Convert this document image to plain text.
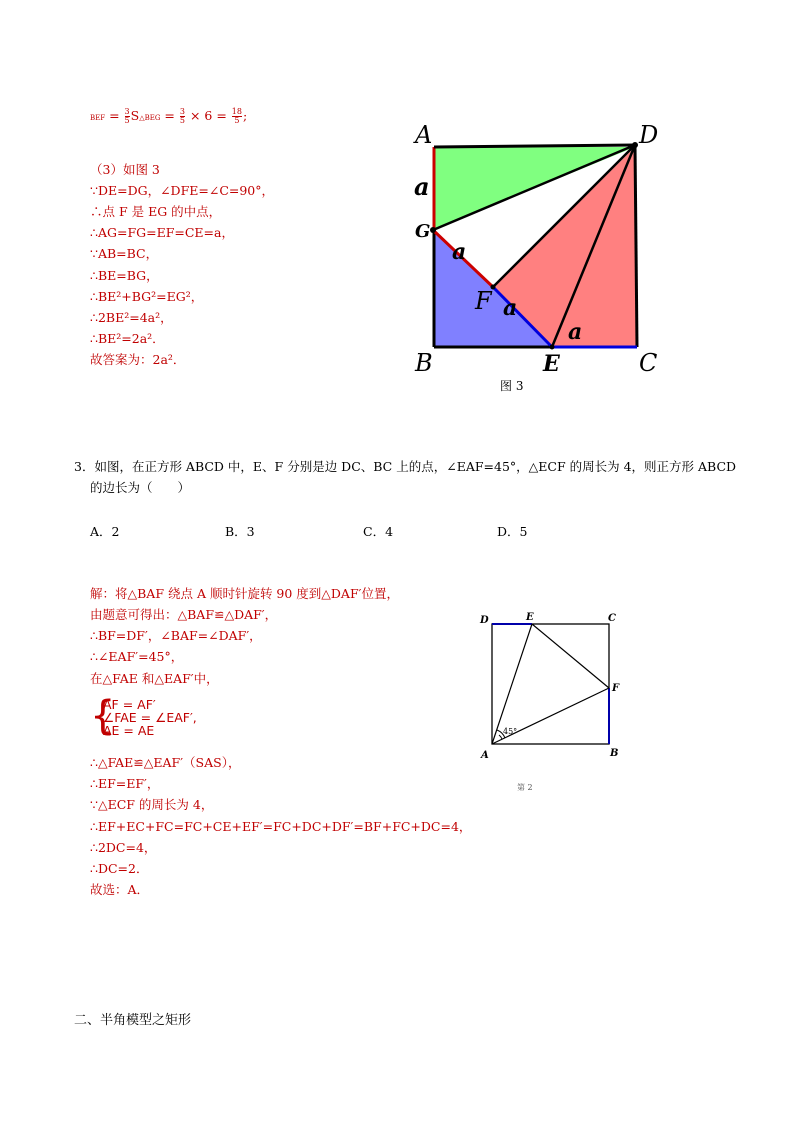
BEF = $\frac{3}{5}$ S△BEG = $\frac{3}{5} \times 6 = \frac{18}{5}$ ;
（3）如图 3
∵DE=DG，∠DFE=∠C=90°，
∴点 F 是 EG 的中点，
∴AG=FG=EF=CE=a，
∵AB=BC，
∴BE=BG，
∴BE²+BG²=EG²，
∴2BE²=4a²，
∴BE²=2a²．
故答案为：2a²．
A	D
G
F
B	E	C
a
a
a
a
图 3
3．如图，在正方形 ABCD 中，E、F 分别是边 DC、BC 上的点，∠EAF=45°，△ECF 的周长为 4，则正方形 ABCD
的边长为（　　）
A．2	B．3	C．4	D．5
解：将△BAF 绕点 A 顺时针旋转 90 度到△DAF′位置，
由题意可得出：△BAF≌△DAF′，
∴BF=DF′，∠BAF=∠DAF′，
∴∠EAF′=45°，
在△FAE 和△EAF′中，
{
AF = AF′
∠FAE = ∠EAF′,
AE = AE
∴△FAE≌△EAF′（SAS），
∴EF=EF′，
∵△ECF 的周长为 4，
∴EF+EC+FC=FC+CE+EF′=FC+DC+DF′=BF+FC+DC=4，
∴2DC=4，
∴DC=2．
故选：A．
D	E	C
F
A	B
45°
第 2
二、半角模型之矩形
